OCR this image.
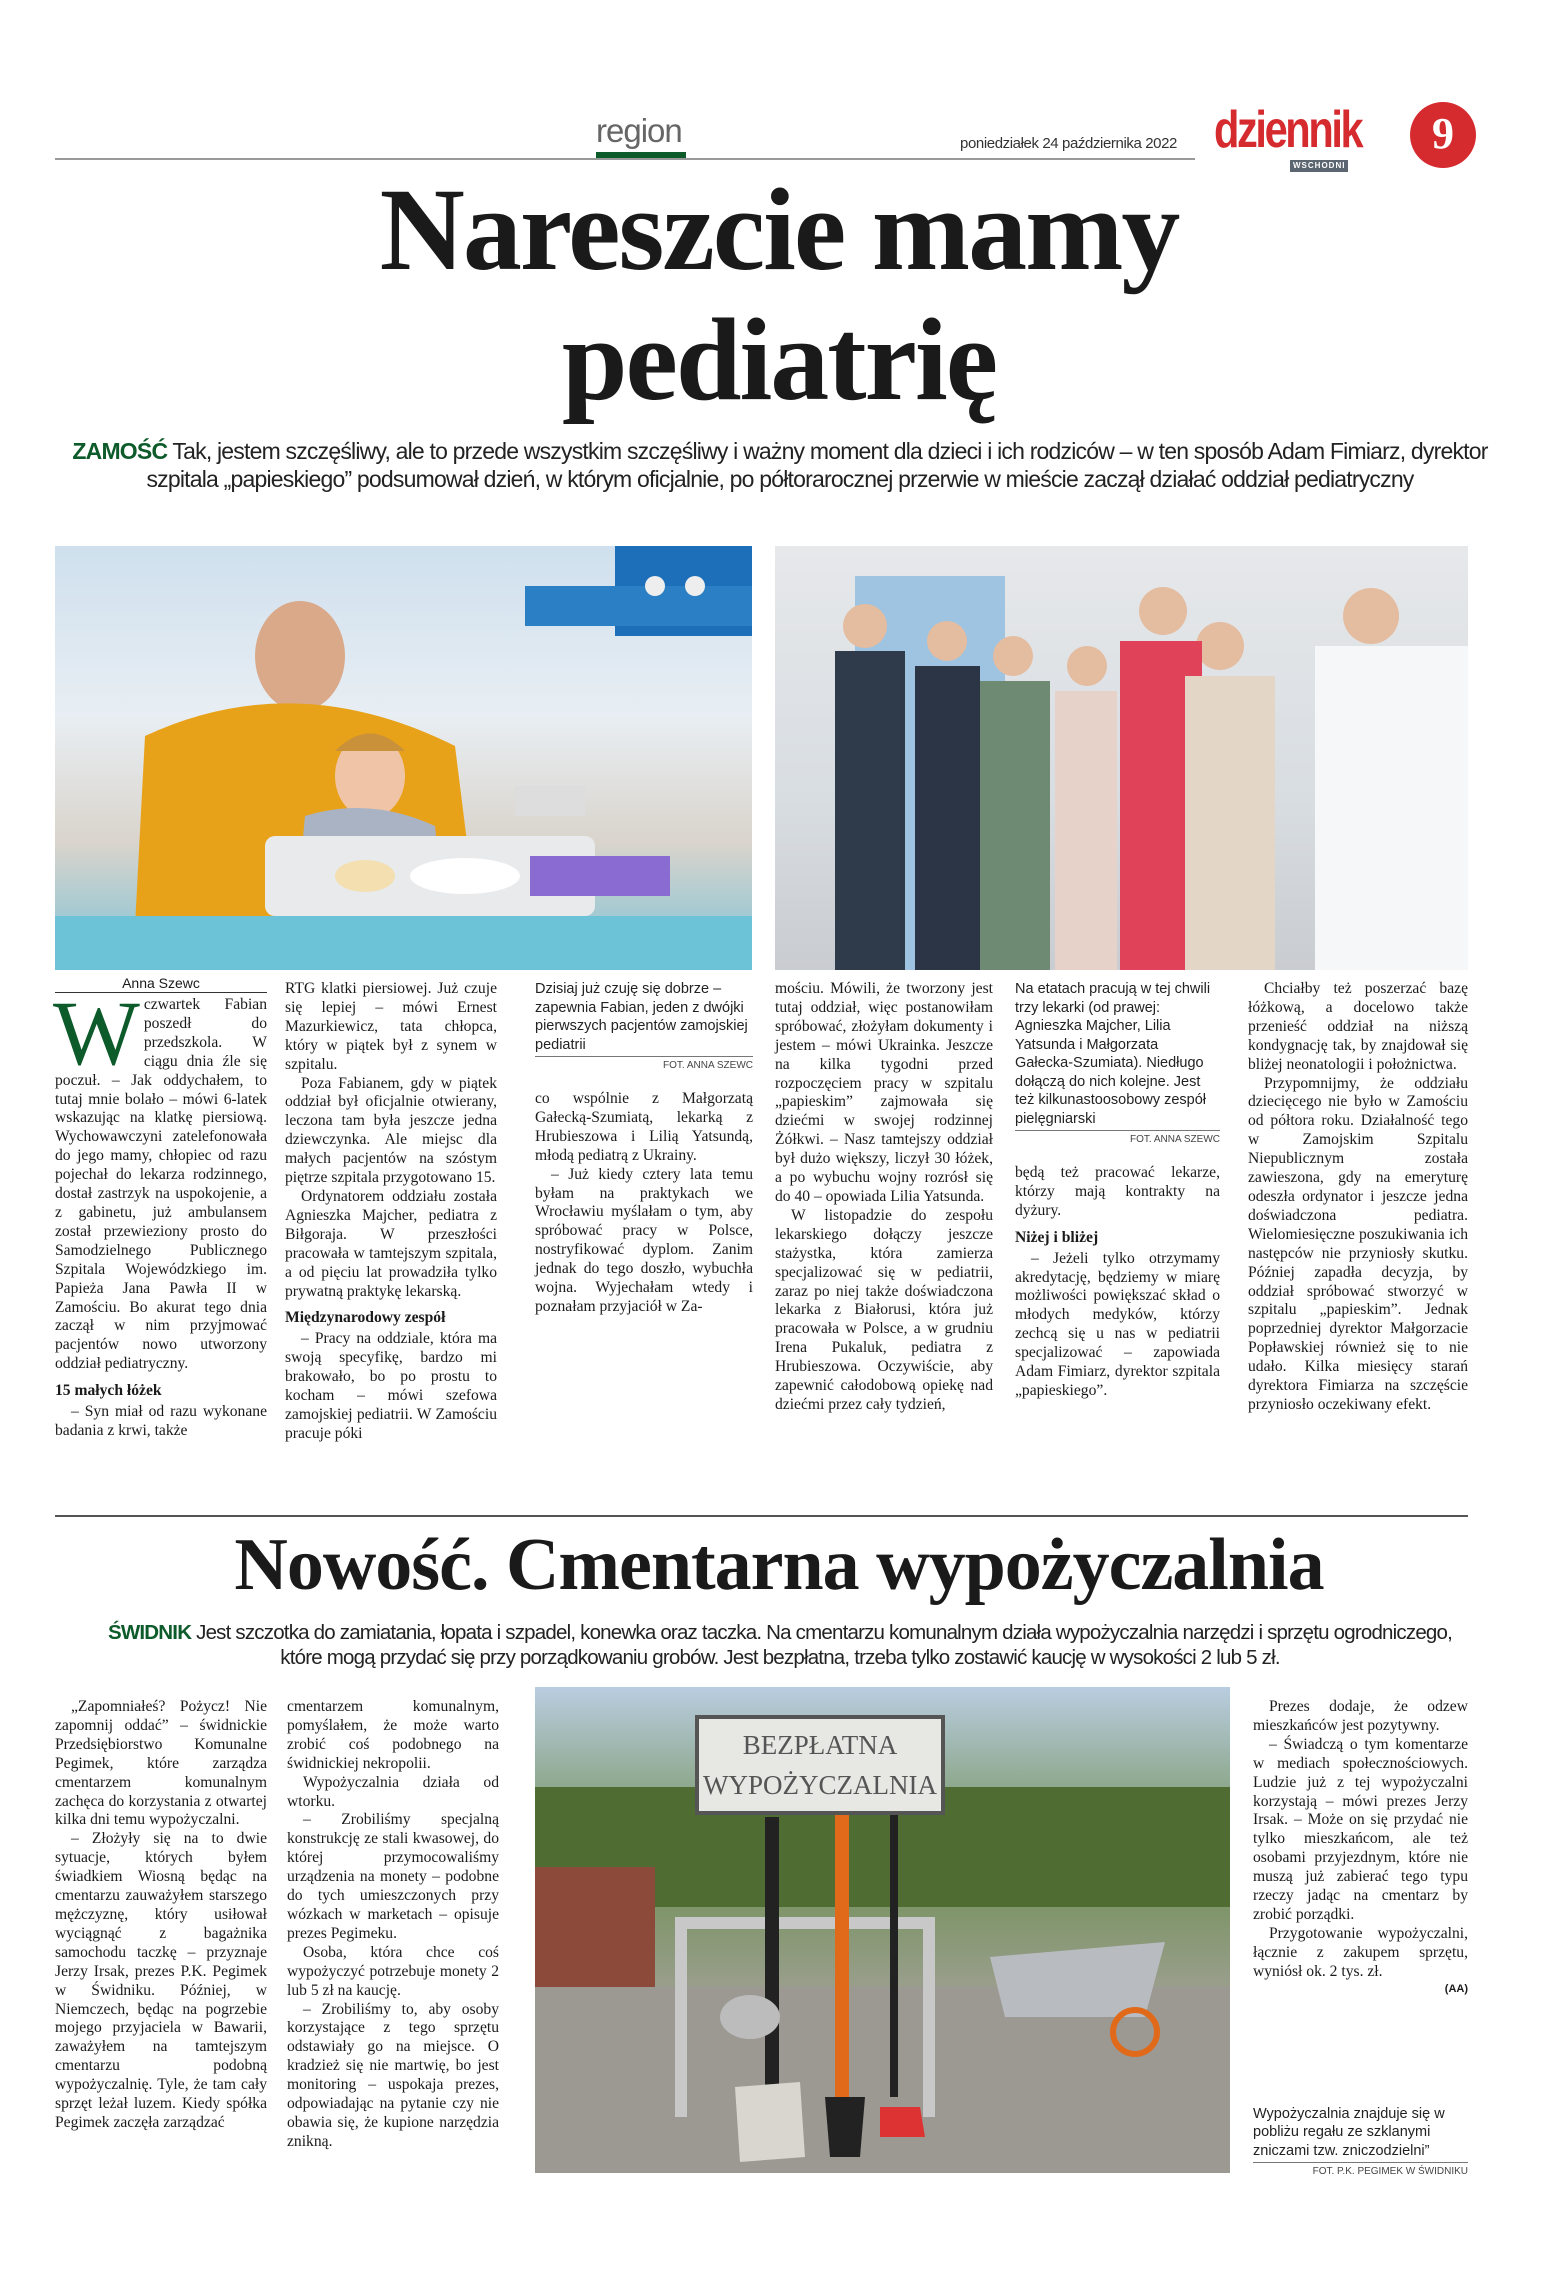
region	poniedziałek 24 października 2022 dziennik
WSCHODNI
9
Nareszcie mamy
pediatrię
ZAMOŚĆ Tak, jestem szczęśliwy, ale to przede wszystkim szczęśliwy i ważny moment dla dzieci i ich rodziców – w ten sposób Adam Fimiarz, dyrektor szpitala „papieskiego” podsumował dzień, w którym oficjalnie, po półtorarocznej przerwie w mieście zaczął działać oddział pediatryczny
Anna Szewc
W czwartek Fabian poszedł do przedszkola. W ciągu dnia źle się poczuł. – Jak oddychałem, to tutaj mnie bolało – mówi 6-latek wskazując na klatkę piersiową. Wychowawczyni zatelefonowała do jego mamy, chłopiec od razu pojechał do lekarza rodzinnego, dostał zastrzyk na uspokojenie, a z gabinetu, już ambulansem został przewieziony prosto do Samodzielnego Publicznego Szpitala Wojewódzkiego im. Papieża Jana Pawła II w Zamościu. Bo akurat tego dnia zaczął w nim przyjmować pacjentów nowo utworzony oddział pediatryczny.

15 małych łóżek

– Syn miał od razu wykonane badania z krwi, także

RTG klatki piersiowej. Już czuje się lepiej – mówi Ernest Mazurkiewicz, tata chłopca, który w piątek był z synem w szpitalu.

Poza Fabianem, gdy w piątek oddział był oficjalnie otwierany, leczona tam była jeszcze jedna dziewczynka. Ale miejsc dla małych pacjentów na szóstym piętrze szpitala przygotowano 15.

Ordynatorem oddziału została Agnieszka Majcher, pediatra z Biłgoraja. W przeszłości pracowała w tamtejszym szpitala, a od pięciu lat prowadziła tylko prywatną praktykę lekarską.

Międzynarodowy zespół

– Pracy na oddziale, która ma swoją specyfikę, bardzo mi brakowało, bo po prostu to kocham – mówi szefowa zamojskiej pediatrii. W Zamościu pracuje póki

Dzisiaj już czuję się dobrze – zapewnia Fabian, jeden z dwójki pierwszych pacjentów zamojskiej pediatrii
FOT. ANNA SZEWC

co wspólnie z Małgorzatą Gałecką-Szumiatą, lekarką z Hrubieszowa i Lilią Yatsundą, młodą pediatrą z Ukrainy.

– Już kiedy cztery lata temu byłam na praktykach we Wrocławiu myślałam o tym, aby spróbować pracy w Polsce, nostryfikować dyplom. Zanim jednak do tego doszło, wybuchła wojna. Wyjechałam wtedy i poznałam przyjaciół w Za-

mościu. Mówili, że tworzony jest tutaj oddział, więc postanowiłam spróbować, złożyłam dokumenty i jestem – mówi Ukrainka. Jeszcze na kilka tygodni przed rozpoczęciem pracy w szpitalu „papieskim” zajmowała się dziećmi w swojej rodzinnej Żółkwi. – Nasz tamtejszy oddział był dużo większy, liczył 30 łóżek, a po wybuchu wojny rozrósł się do 40 – opowiada Lilia Yatsunda.

W listopadzie do zespołu lekarskiego dołączy jeszcze stażystka, która zamierza specjalizować się w pediatrii, zaraz po niej także doświadczona lekarka z Białorusi, która już pracowała w Polsce, a w grudniu Irena Pukaluk, pediatra z Hrubieszowa. Oczywiście, aby zapewnić całodobową opiekę nad dziećmi przez cały tydzień,

Na etatach pracują w tej chwili trzy lekarki (od prawej: Agnieszka Majcher, Lilia Yatsunda i Małgorzata Gałecka-Szumiata). Niedługo dołączą do nich kolejne. Jest też kilkunastoosobowy zespół pielęgniarski
FOT. ANNA SZEWC

będą też pracować lekarze, którzy mają kontrakty na dyżury.

Niżej i bliżej

– Jeżeli tylko otrzymamy akredytację, będziemy w miarę możliwości powiększać skład o młodych medyków, którzy zechcą się u nas w pediatrii specjalizować – zapowiada Adam Fimiarz, dyrektor szpitala „papieskiego”.

Chciałby też poszerzać bazę łóżkową, a docelowo także przenieść oddział na niższą kondygnację tak, by znajdował się bliżej neonatologii i położnictwa.

Przypomnijmy, że oddziału dziecięcego nie było w Zamościu od półtora roku. Działalność tego w Zamojskim Szpitalu Niepublicznym została zawieszona, gdy na emeryturę odeszła ordynator i jeszcze jedna doświadczona pediatra. Wielomiesięczne poszukiwania ich następców nie przyniosły skutku. Później zapadła decyzja, by oddział spróbować stworzyć w szpitalu „papieskim”. Jednak poprzedniej dyrektor Małgorzacie Popławskiej również się to nie udało. Kilka miesięcy starań dyrektora Fimiarza na szczęście przyniosło oczekiwany efekt.

Nowość. Cmentarna wypożyczalnia
ŚWIDNIK Jest szczotka do zamiatania, łopata i szpadel, konewka oraz taczka. Na cmentarzu komunalnym działa wypożyczalnia narzędzi i sprzętu ogrodniczego, które mogą przydać się przy porządkowaniu grobów. Jest bezpłatna, trzeba tylko zostawić kaucję w wysokości 2 lub 5 zł.

„Zapomniałeś? Pożycz! Nie zapomnij oddać” – świdnickie Przedsiębiorstwo Komunalne Pegimek, które zarządza cmentarzem komunalnym zachęca do korzystania z otwartej kilka dni temu wypożyczalni.

– Złożyły się na to dwie sytuacje, których byłem świadkiem Wiosną będąc na cmentarzu zauważyłem starszego mężczyznę, który usiłował wyciągnąć z bagażnika samochodu taczkę – przyznaje Jerzy Irsak, prezes P.K. Pegimek w Świdniku. Później, w Niemczech, będąc na pogrzebie mojego przyjaciela w Bawarii, zaważyłem na tamtejszym cmentarzu podobną wypożyczalnię. Tyle, że tam cały sprzęt leżał luzem. Kiedy spółka Pegimek zaczęła zarządzać

cmentarzem komunalnym, pomyślałem, że może warto zrobić coś podobnego na świdnickiej nekropolii.

Wypożyczalnia działa od wtorku.

– Zrobiliśmy specjalną konstrukcję ze stali kwasowej, do której przymocowaliśmy urządzenia na monety – podobne do tych umieszczonych przy wózkach w marketach – opisuje prezes Pegimeku.

Osoba, która chce coś wypożyczyć potrzebuje monety 2 lub 5 zł na kaucję.

– Zrobiliśmy to, aby osoby korzystające z tego sprzętu odstawiały go na miejsce. O kradzież się nie martwię, bo jest monitoring – uspokaja prezes, odpowiadając na pytanie czy nie obawia się, że kupione narzędzia znikną.

BEZPŁATNA
WYPOŻYCZALNIA

Prezes dodaje, że odzew mieszkańców jest pozytywny.

– Świadczą o tym komentarze w mediach społecznościowych. Ludzie już z tej wypożyczalni korzystają – mówi prezes Jerzy Irsak. – Może on się przydać nie tylko mieszkańcom, ale też osobami przyjezdnym, które nie muszą już zabierać tego typu rzeczy jadąc na cmentarz by zrobić porządki.

Przygotowanie wypożyczalni, łącznie z zakupem sprzętu, wyniósł ok. 2 tys. zł.

(AA)
Wypożyczalnia znajduje się w pobliżu regału ze szklanymi zniczami tzw. zniczodzielni”
FOT. P.K. PEGIMEK W ŚWIDNIKU
